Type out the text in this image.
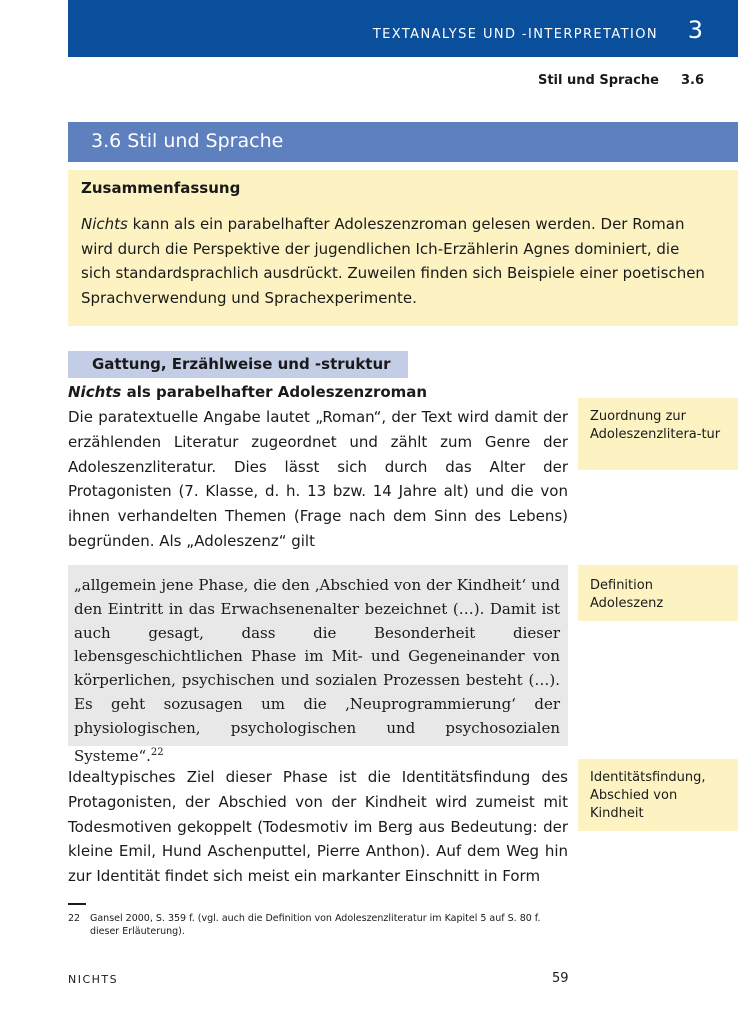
TEXTANALYSE UND -INTERPRETATION 3
Stil und Sprache 3.6
3.6 Stil und Sprache
Zusammenfassung
Nichts kann als ein parabelhafter Adoleszenzroman gelesen werden. Der Roman wird durch die Perspektive der jugendlichen Ich-Erzählerin Agnes dominiert, die sich standardsprachlich ausdrückt. Zuweilen finden sich Beispiele einer poetischen Sprachverwendung und Sprachexperimente.
Gattung, Erzählweise und -struktur
Nichts als parabelhafter Adoleszenzroman
Die paratextuelle Angabe lautet „Roman“, der Text wird damit der erzählenden Literatur zugeordnet und zählt zum Genre der Adoleszenzliteratur. Dies lässt sich durch das Alter der Protagonisten (7. Klasse, d. h. 13 bzw. 14 Jahre alt) und die von ihnen verhandelten Themen (Frage nach dem Sinn des Lebens) begründen. Als „Adoleszenz“ gilt
„allgemein jene Phase, die den ‚Abschied von der Kindheit‘ und den Eintritt in das Erwachsenenalter bezeichnet (…). Damit ist auch gesagt, dass die Besonderheit dieser lebensgeschichtlichen Phase im Mit- und Gegeneinander von körperlichen, psychischen und sozialen Prozessen besteht (…). Es geht sozusagen um die ‚Neuprogrammierung‘ der physiologischen, psychologischen und psychosozialen Systeme“.$^{22}$
Idealtypisches Ziel dieser Phase ist die Identitätsfindung des Protagonisten, der Abschied von der Kindheit wird zumeist mit Todesmotiven gekoppelt (Todesmotiv im Berg aus Bedeutung: der kleine Emil, Hund Aschenputtel, Pierre Anthon). Auf dem Weg hin zur Identität findet sich meist ein markanter Einschnitt in Form
Zuordnung zur Adoleszenzlitera-tur
Definition Adoleszenz
Identitätsfindung, Abschied von Kindheit
22 Gansel 2000, S. 359 f. (vgl. auch die Definition von Adoleszenzliteratur im Kapitel 5 auf S. 80 f. dieser Erläuterung).
NICHTS	59
